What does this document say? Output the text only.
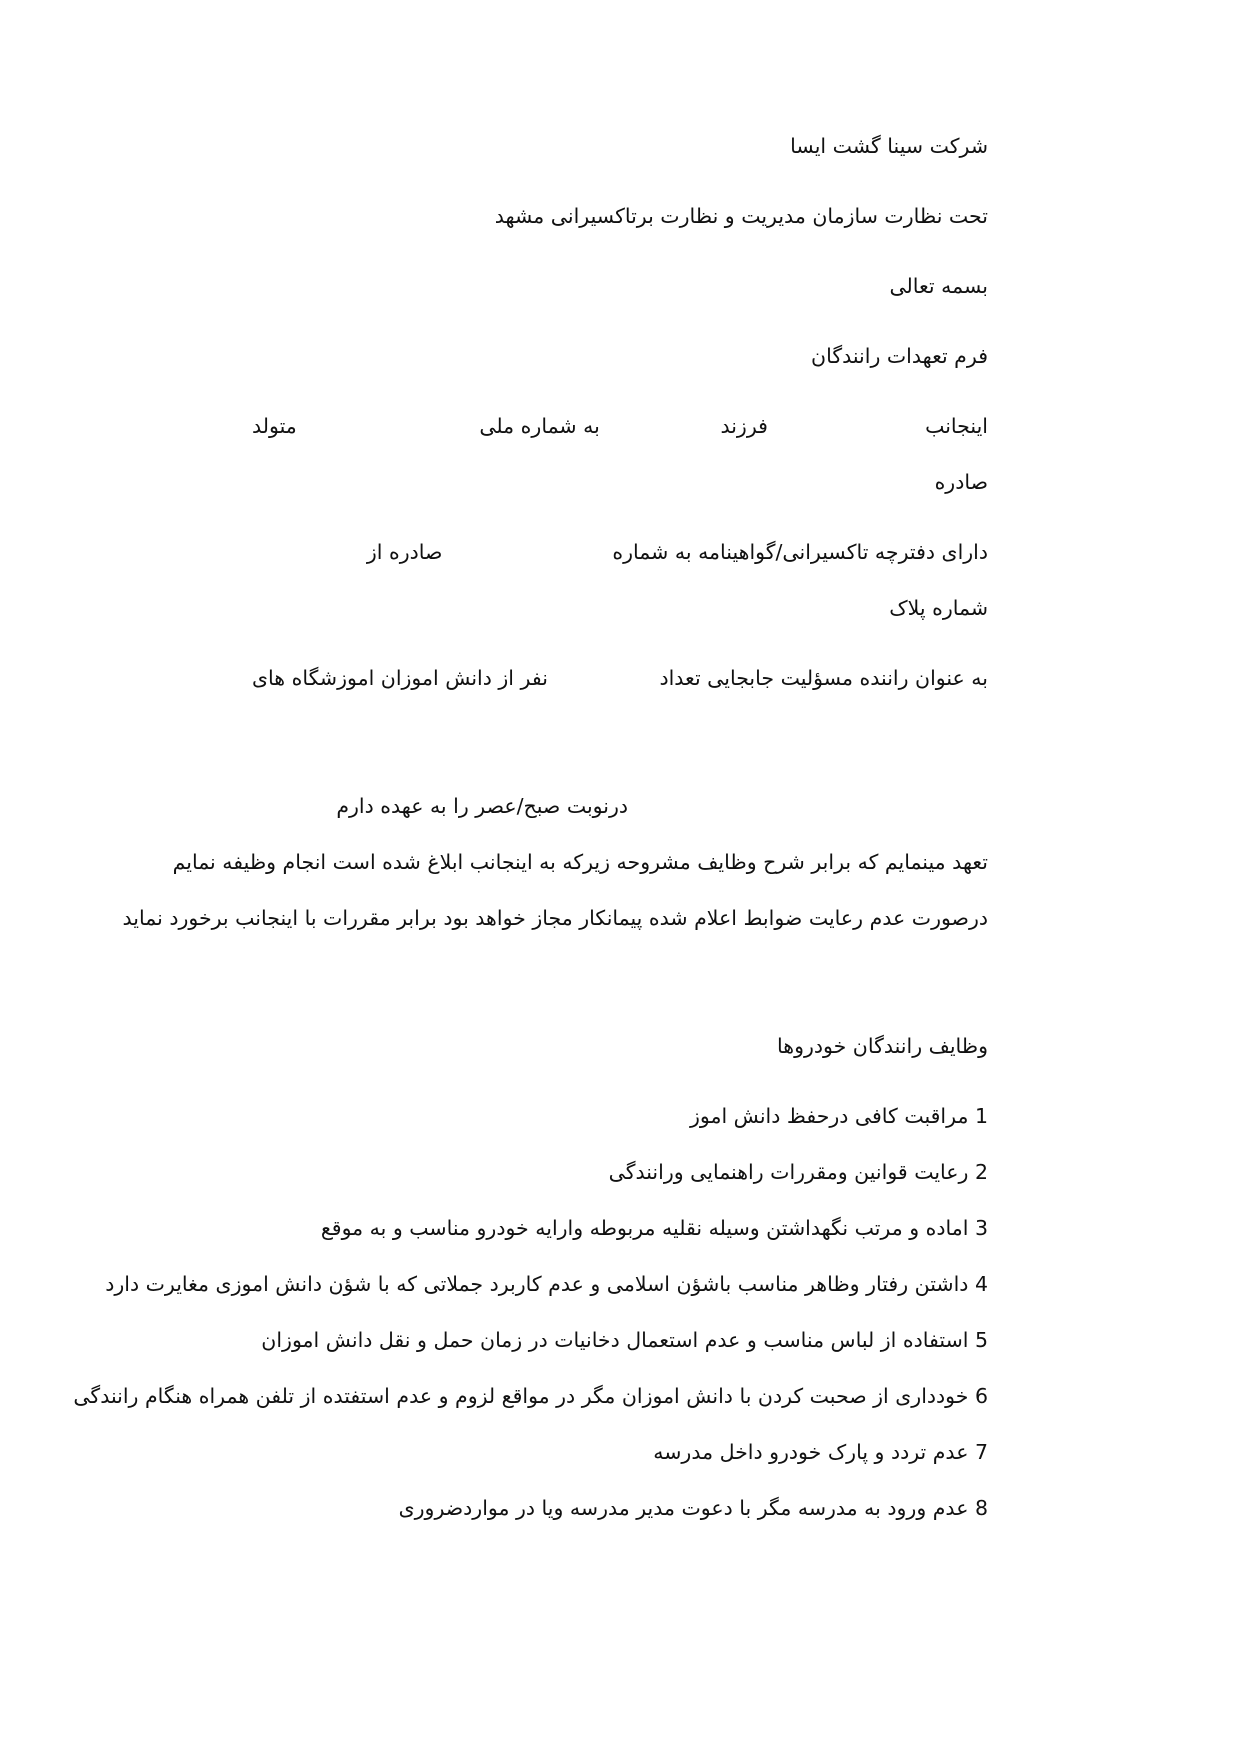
شرکت سینا گشت ایسا
تحت نظارت سازمان مدیریت و نظارت برتاکسیرانی مشهد
بسمه تعالی
فرم تعهدات رانندگان
اینجانب
فرزند
به شماره ملی
متولد
صادره
دارای دفترچه تاکسیرانی/گواهینامه به شماره
صادره از
شماره پلاک
به عنوان راننده مسؤلیت جابجایی تعداد
نفر از دانش اموزان اموزشگاه های
درنوبت صبح/عصر را به عهده دارم
تعهد مینمایم که برابر شرح وظایف مشروحه زیرکه به اینجانب ابلاغ شده است انجام وظیفه نمایم
درصورت عدم رعایت ضوابط اعلام شده پیمانکار مجاز خواهد بود برابر مقررات با اینجانب برخورد نماید
وظایف رانندگان خودروها
1 مراقبت کافی درحفظ دانش اموز
2 رعایت قوانین ومقررات راهنمایی ورانندگی
3 اماده و مرتب نگهداشتن وسیله نقلیه مربوطه وارایه خودرو مناسب و به موقع
4 داشتن رفتار وظاهر مناسب باشؤن اسلامی و عدم کاربرد جملاتی که با شؤن دانش اموزی مغایرت دارد
5 استفاده از لباس مناسب و عدم استعمال دخانیات در زمان حمل و نقل دانش اموزان
6 خودداری از صحبت کردن با دانش اموزان مگر در مواقع لزوم و عدم استفتده از تلفن همراه هنگام رانندگی
7 عدم تردد و پارک خودرو داخل مدرسه
8 عدم ورود به مدرسه مگر با دعوت مدیر مدرسه ویا در مواردضروری
